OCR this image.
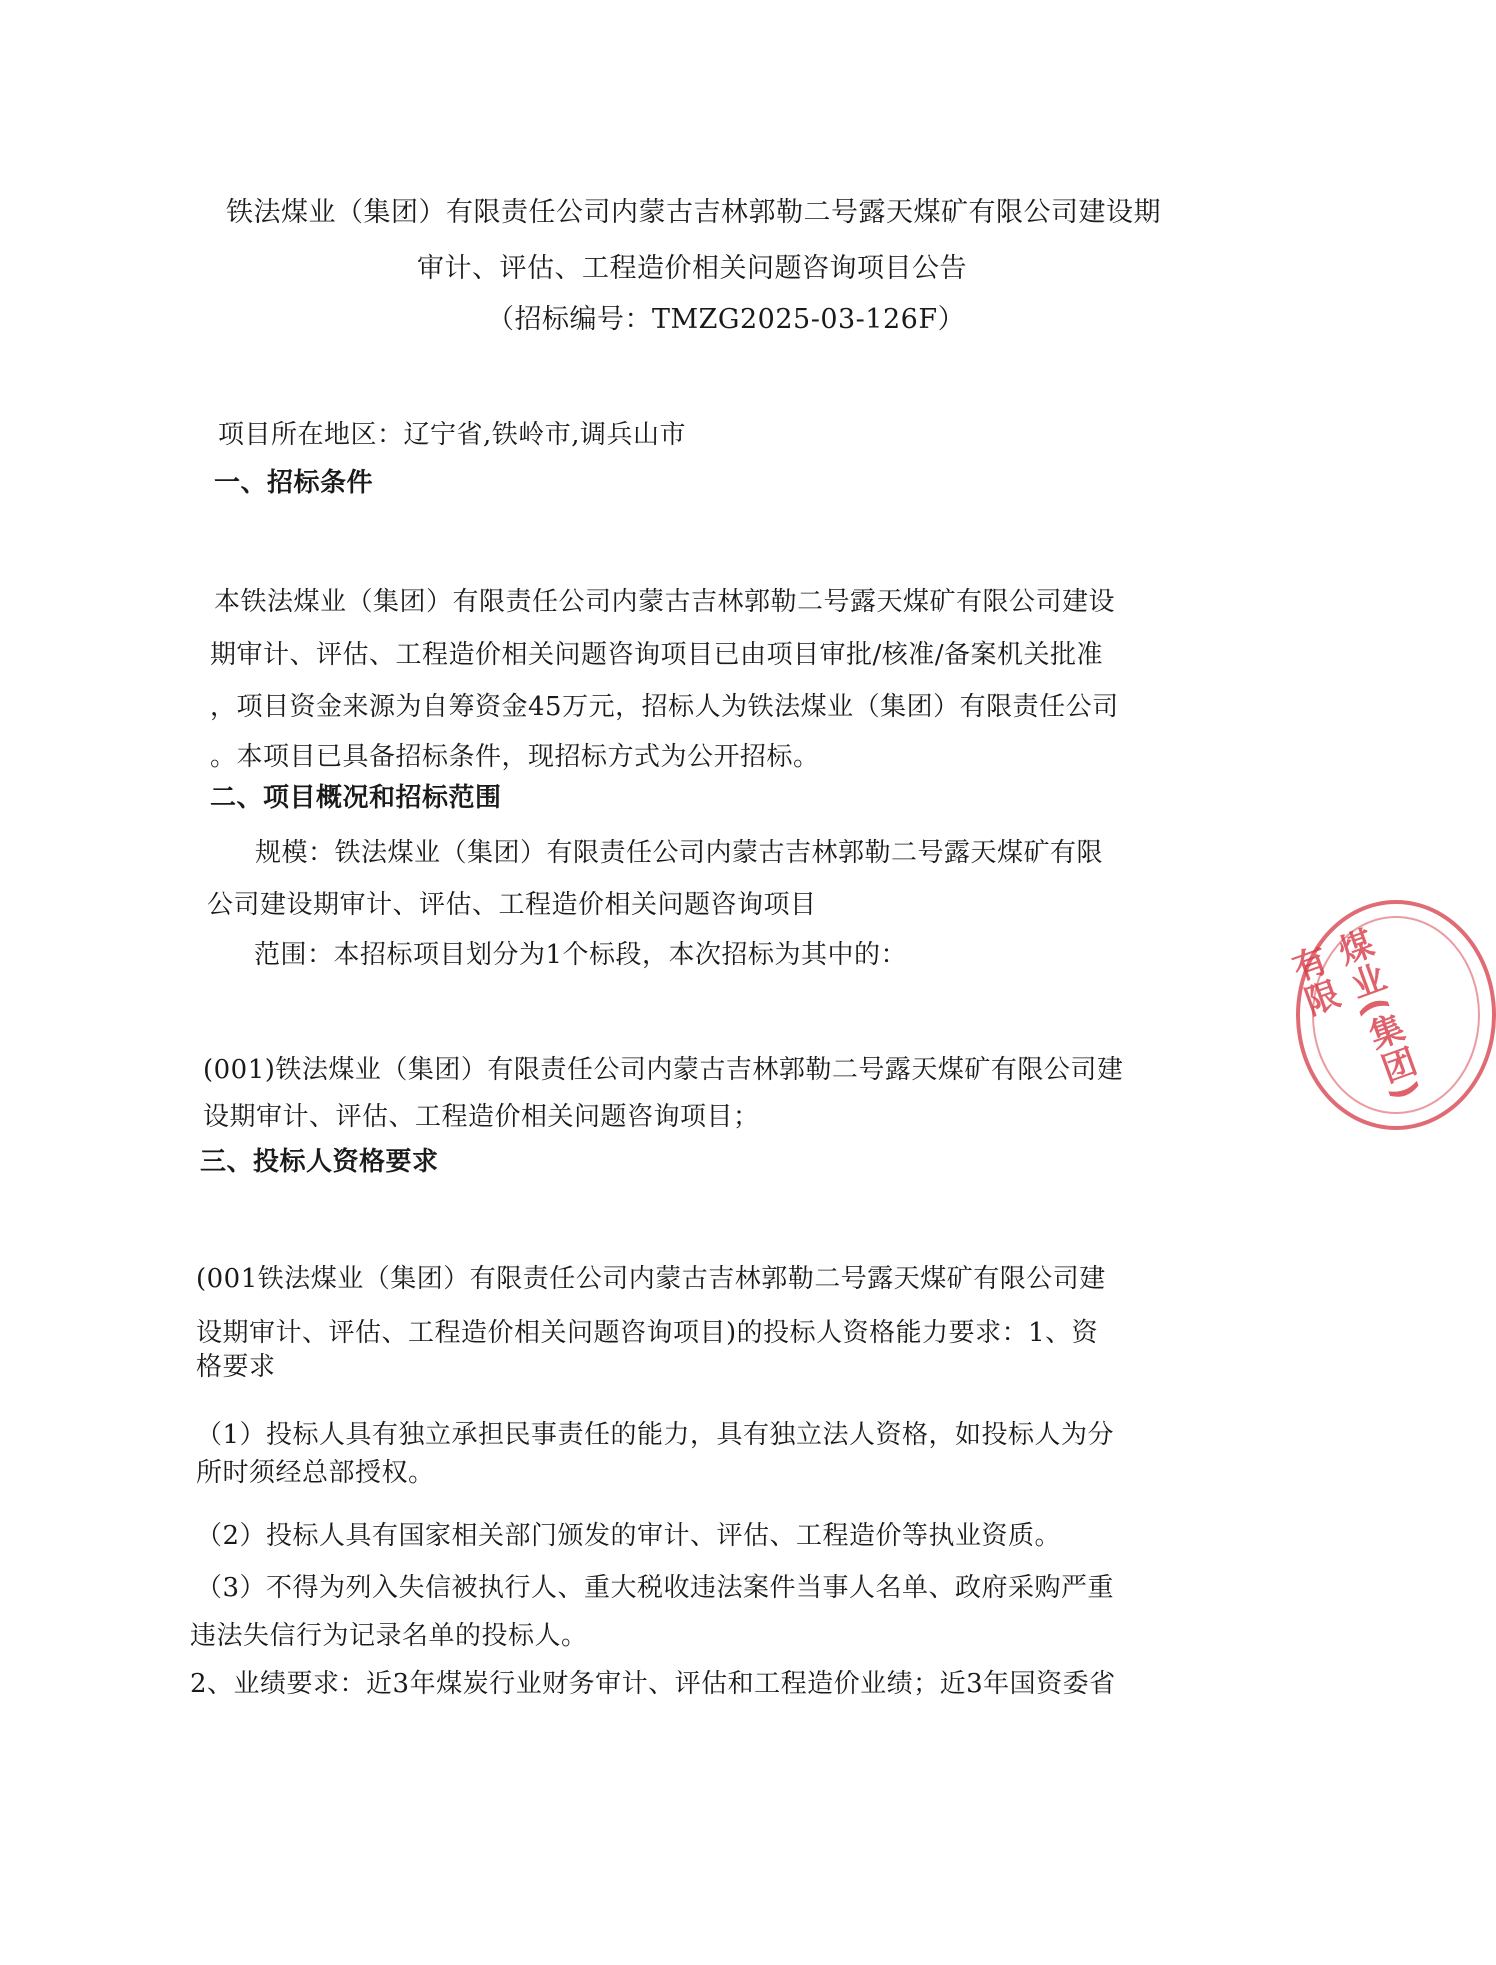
铁法煤业（集团）有限责任公司内蒙古吉林郭勒二号露天煤矿有限公司建设期
审计、评估、工程造价相关问题咨询项目公告
（招标编号：TMZG2025-03-126F）
项目所在地区：辽宁省,铁岭市,调兵山市
一、招标条件
本铁法煤业（集团）有限责任公司内蒙古吉林郭勒二号露天煤矿有限公司建设
期审计、评估、工程造价相关问题咨询项目已由项目审批/核准/备案机关批准
，项目资金来源为自筹资金45万元，招标人为铁法煤业（集团）有限责任公司
。本项目已具备招标条件，现招标方式为公开招标。
二、项目概况和招标范围
规模：铁法煤业（集团）有限责任公司内蒙古吉林郭勒二号露天煤矿有限
公司建设期审计、评估、工程造价相关问题咨询项目
范围：本招标项目划分为1个标段，本次招标为其中的：
(001)铁法煤业（集团）有限责任公司内蒙古吉林郭勒二号露天煤矿有限公司建
设期审计、评估、工程造价相关问题咨询项目；
三、投标人资格要求
(001铁法煤业（集团）有限责任公司内蒙古吉林郭勒二号露天煤矿有限公司建
设期审计、评估、工程造价相关问题咨询项目)的投标人资格能力要求：1、资
格要求
（1）投标人具有独立承担民事责任的能力，具有独立法人资格，如投标人为分
所时须经总部授权。
（2）投标人具有国家相关部门颁发的审计、评估、工程造价等执业资质。
（3）不得为列入失信被执行人、重大税收违法案件当事人名单、政府采购严重
违法失信行为记录名单的投标人。
2、业绩要求：近3年煤炭行业财务审计、评估和工程造价业绩；近3年国资委省
煤业(集团)有限
